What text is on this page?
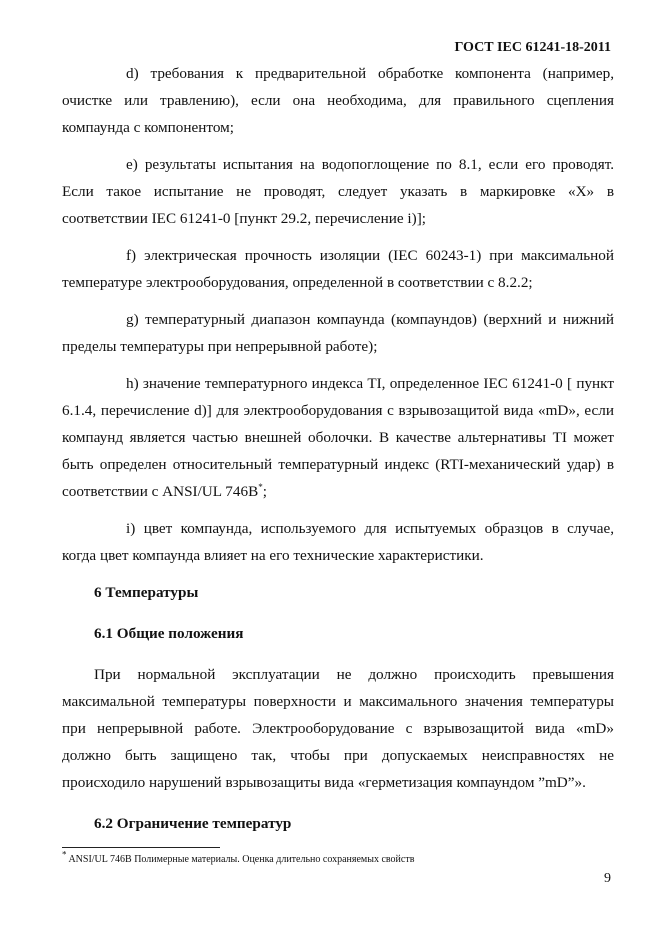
ГОСТ IEC 61241-18-2011

d) требования к предварительной обработке компонента (например, очистке или травлению), если она необходима, для правильного сцепления компаунда с компонентом;

e) результаты испытания на водопоглощение по 8.1, если его проводят. Если такое испытание не проводят, следует указать в маркировке «X» в соответствии IEC 61241-0 [пункт 29.2, перечисление i)];

f) электрическая прочность изоляции (IEC 60243-1) при максимальной температуре электрооборудования, определенной в соответствии с 8.2.2;

g) температурный диапазон компаунда (компаундов) (верхний и нижний пределы температуры при непрерывной работе);

h) значение температурного индекса TI, определенное IEC 61241-0 [ пункт 6.1.4, перечисление d)] для электрооборудования с взрывозащитой вида «mD», если компаунд является частью внешней оболочки. В качестве альтернативы TI может быть определен относительный температурный индекс (RTI-механический удар) в соответствии с ANSI/UL 746B*;

i) цвет компаунда, используемого для испытуемых образцов в случае, когда цвет компаунда влияет на его технические характеристики.

6 Температуры
6.1 Общие положения

При нормальной эксплуатации не должно происходить превышения максимальной температуры поверхности и максимального значения температуры при непрерывной работе. Электрооборудование с взрывозащитой вида «mD» должно быть защищено так, чтобы при допускаемых неисправностях не происходило нарушений взрывозащиты вида «герметизация компаундом ”mD”».

6.2 Ограничение температур
* ANSI/UL 746B Полимерные материалы. Оценка длительно сохраняемых свойств
9
